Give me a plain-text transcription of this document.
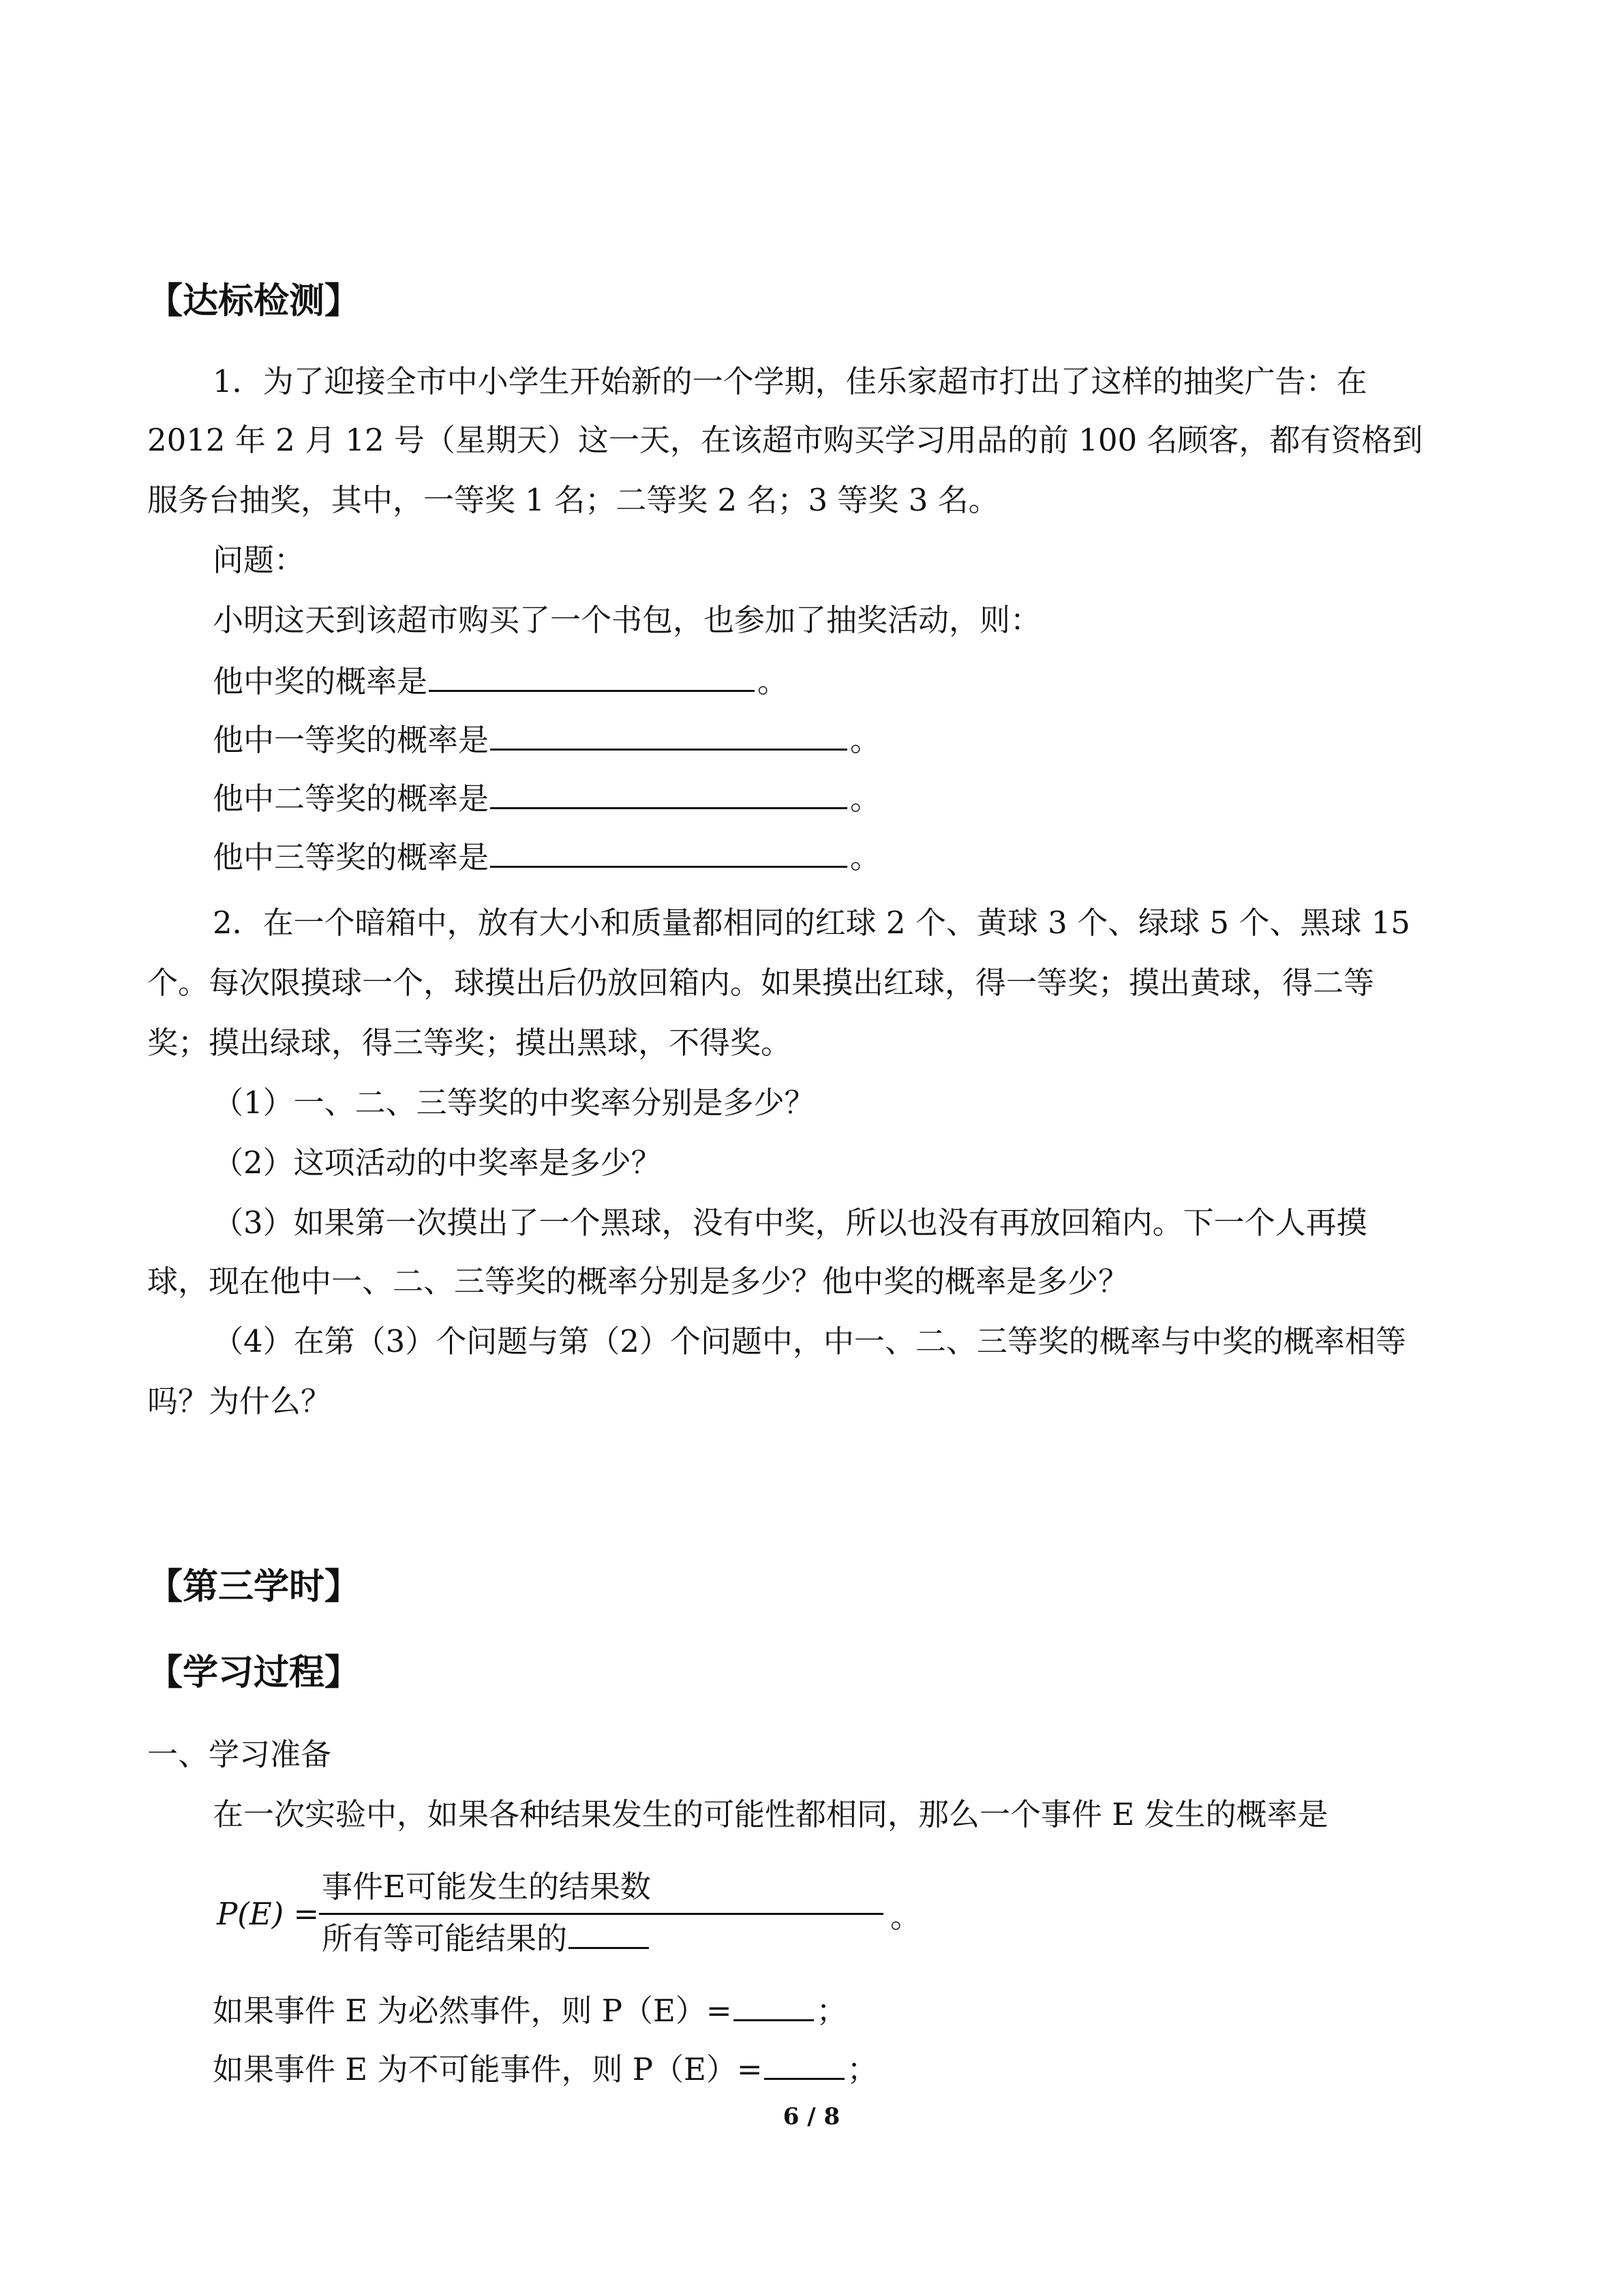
【达标检测】
1．为了迎接全市中小学生开始新的一个学期，佳乐家超市打出了这样的抽奖广告：在
2012 年 2 月 12 号（星期天）这一天，在该超市购买学习用品的前 100 名顾客，都有资格到
服务台抽奖，其中，一等奖 1 名；二等奖 2 名；3 等奖 3 名。
问题：
小明这天到该超市购买了一个书包，也参加了抽奖活动，则：
他中奖的概率是	。
他中一等奖的概率是	。
他中二等奖的概率是	。
他中三等奖的概率是	。
2．在一个暗箱中，放有大小和质量都相同的红球 2 个、黄球 3 个、绿球 5 个、黑球 15
个。每次限摸球一个，球摸出后仍放回箱内。如果摸出红球，得一等奖；摸出黄球，得二等
奖；摸出绿球，得三等奖；摸出黑球，不得奖。
（1）一、二、三等奖的中奖率分别是多少？
（2）这项活动的中奖率是多少？
（3）如果第一次摸出了一个黑球，没有中奖，所以也没有再放回箱内。下一个人再摸
球，现在他中一、二、三等奖的概率分别是多少？他中奖的概率是多少？
（4）在第（3）个问题与第（2）个问题中，中一、二、三等奖的概率与中奖的概率相等
吗？为什么？
【第三学时】
【学习过程】
一、学习准备
在一次实验中，如果各种结果发生的可能性都相同，那么一个事件 E 发生的概率是
P(E) =
事件E可能发生的结果数
所有等可能结果的
。
如果事件 E 为必然事件，则 P（E）=	；
如果事件 E 为不可能事件，则 P（E）=	；
6 / 8
